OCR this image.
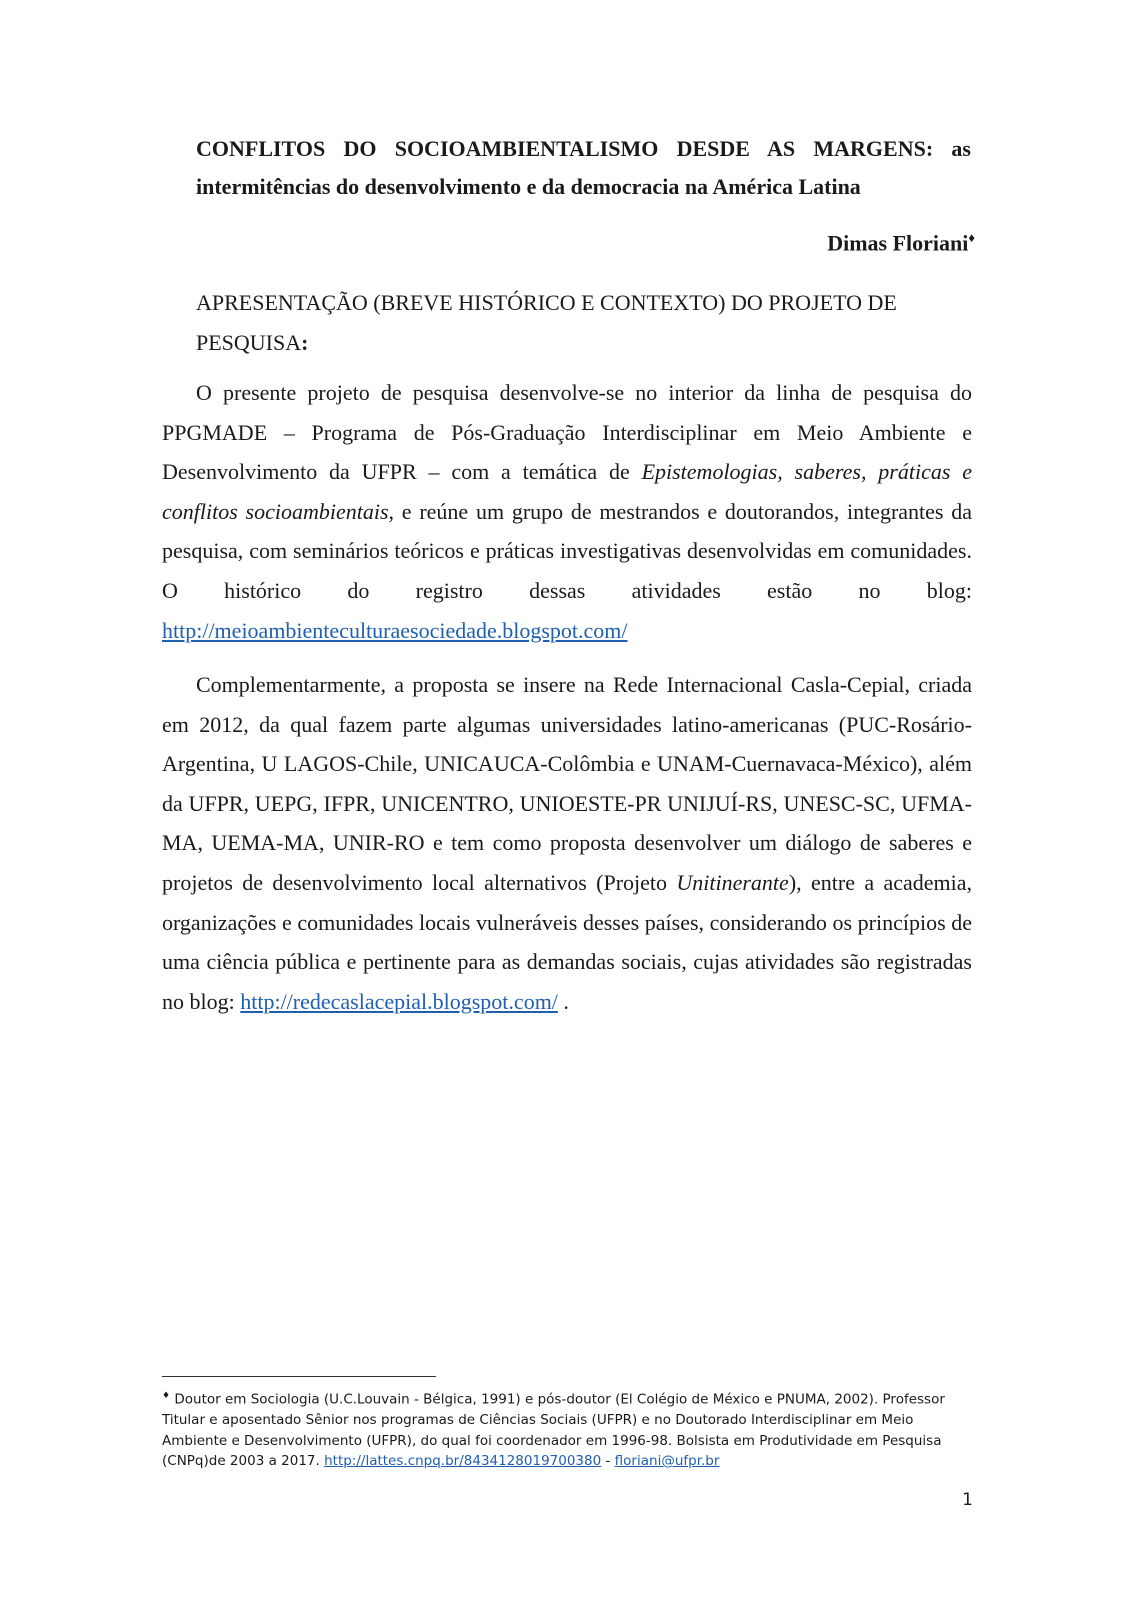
CONFLITOS DO SOCIOAMBIENTALISMO DESDE AS MARGENS: as
intermitências do desenvolvimento e da democracia na América Latina
Dimas Floriani♦
APRESENTAÇÃO (BREVE HISTÓRICO E CONTEXTO) DO PROJETO DE PESQUISA:

O presente projeto de pesquisa desenvolve-se no interior da linha de pesquisa do PPGMADE – Programa de Pós-Graduação Interdisciplinar em Meio Ambiente e Desenvolvimento da UFPR – com a temática de Epistemologias, saberes, práticas e conflitos socioambientais, e reúne um grupo de mestrandos e doutorandos, integrantes da pesquisa, com seminários teóricos e práticas investigativas desenvolvidas em comunidades. O histórico do registro dessas atividades estão no blog: http://meioambienteculturaesociedade.blogspot.com/

Complementarmente, a proposta se insere na Rede Internacional Casla-Cepial, criada em 2012, da qual fazem parte algumas universidades latino-americanas (PUC-Rosário-Argentina, U LAGOS-Chile, UNICAUCA-Colômbia e UNAM-Cuernavaca-México), além da UFPR, UEPG, IFPR, UNICENTRO, UNIOESTE-PR UNIJUÍ-RS, UNESC-SC, UFMA-MA, UEMA-MA, UNIR-RO e tem como proposta desenvolver um diálogo de saberes e projetos de desenvolvimento local alternativos (Projeto Unitinerante), entre a academia, organizações e comunidades locais vulneráveis desses países, considerando os princípios de uma ciência pública e pertinente para as demandas sociais, cujas atividades são registradas no blog: http://redecaslacepial.blogspot.com/ .

♦ Doutor em Sociologia (U.C.Louvain - Bélgica, 1991) e pós-doutor (El Colégio de México e PNUMA, 2002). Professor Titular e aposentado Sênior nos programas de Ciências Sociais (UFPR) e no Doutorado Interdisciplinar em Meio Ambiente e Desenvolvimento (UFPR), do qual foi coordenador em 1996-98. Bolsista em Produtividade em Pesquisa (CNPq)de 2003 a 2017. http://lattes.cnpq.br/8434128019700380 - floriani@ufpr.br
1
